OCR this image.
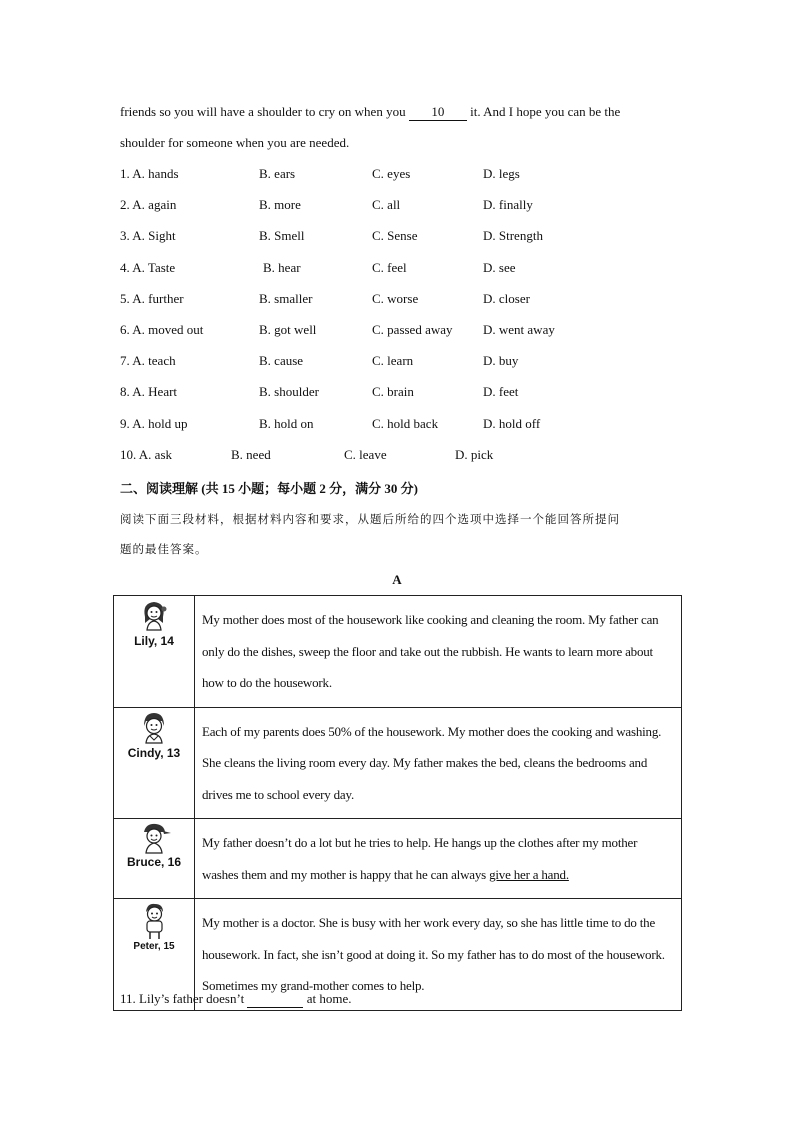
friends so you will have a shoulder to cry on when you 10 it. And I hope you can be the
shoulder for someone when you are needed.
1. A. hands	B. ears	C. eyes	D. legs
2. A. again	B. more	C. all	D. finally
3. A. Sight	B. Smell	C. Sense	D. Strength
4. A. Taste	B. hear	C. feel	D. see
5. A. further	B. smaller	C. worse	D. closer
6. A. moved out	B. got well	C. passed away D. went away
7. A. teach	B. cause	C. learn	D. buy
8. A. Heart	B. shoulder	C. brain	D. feet
9. A. hold up	B. hold on	C. hold back	D. hold off
10. A. ask	B. need	C. leave	D. pick
二、阅读理解 (共 15 小题；每小题 2 分，满分 30 分)
阅读下面三段材料，根据材料内容和要求，从题后所给的四个选项中选择一个能回答所提问
题的最佳答案。
A
Lily, 14	My mother does most of the housework like cooking and cleaning the room. My father can only do the dishes, sweep the floor and take out the rubbish. He wants to learn more about how to do the housework.

Cindy, 13	Each of my parents does 50% of the housework. My mother does the cooking and washing. She cleans the living room every day. My father makes the bed, cleans the bedrooms and drives me to school every day.

Bruce, 16	My father doesn’t do a lot but he tries to help. He hangs up the clothes after my mother washes them and my mother is happy that he can always give her a hand.

Peter, 15	My mother is a doctor. She is busy with her work every day, so she has little time to do the housework. In fact, she isn’t good at doing it. So my father has to do most of the housework. Sometimes my grand-mother comes to help.
11. Lily’s father doesn’t	at home.
